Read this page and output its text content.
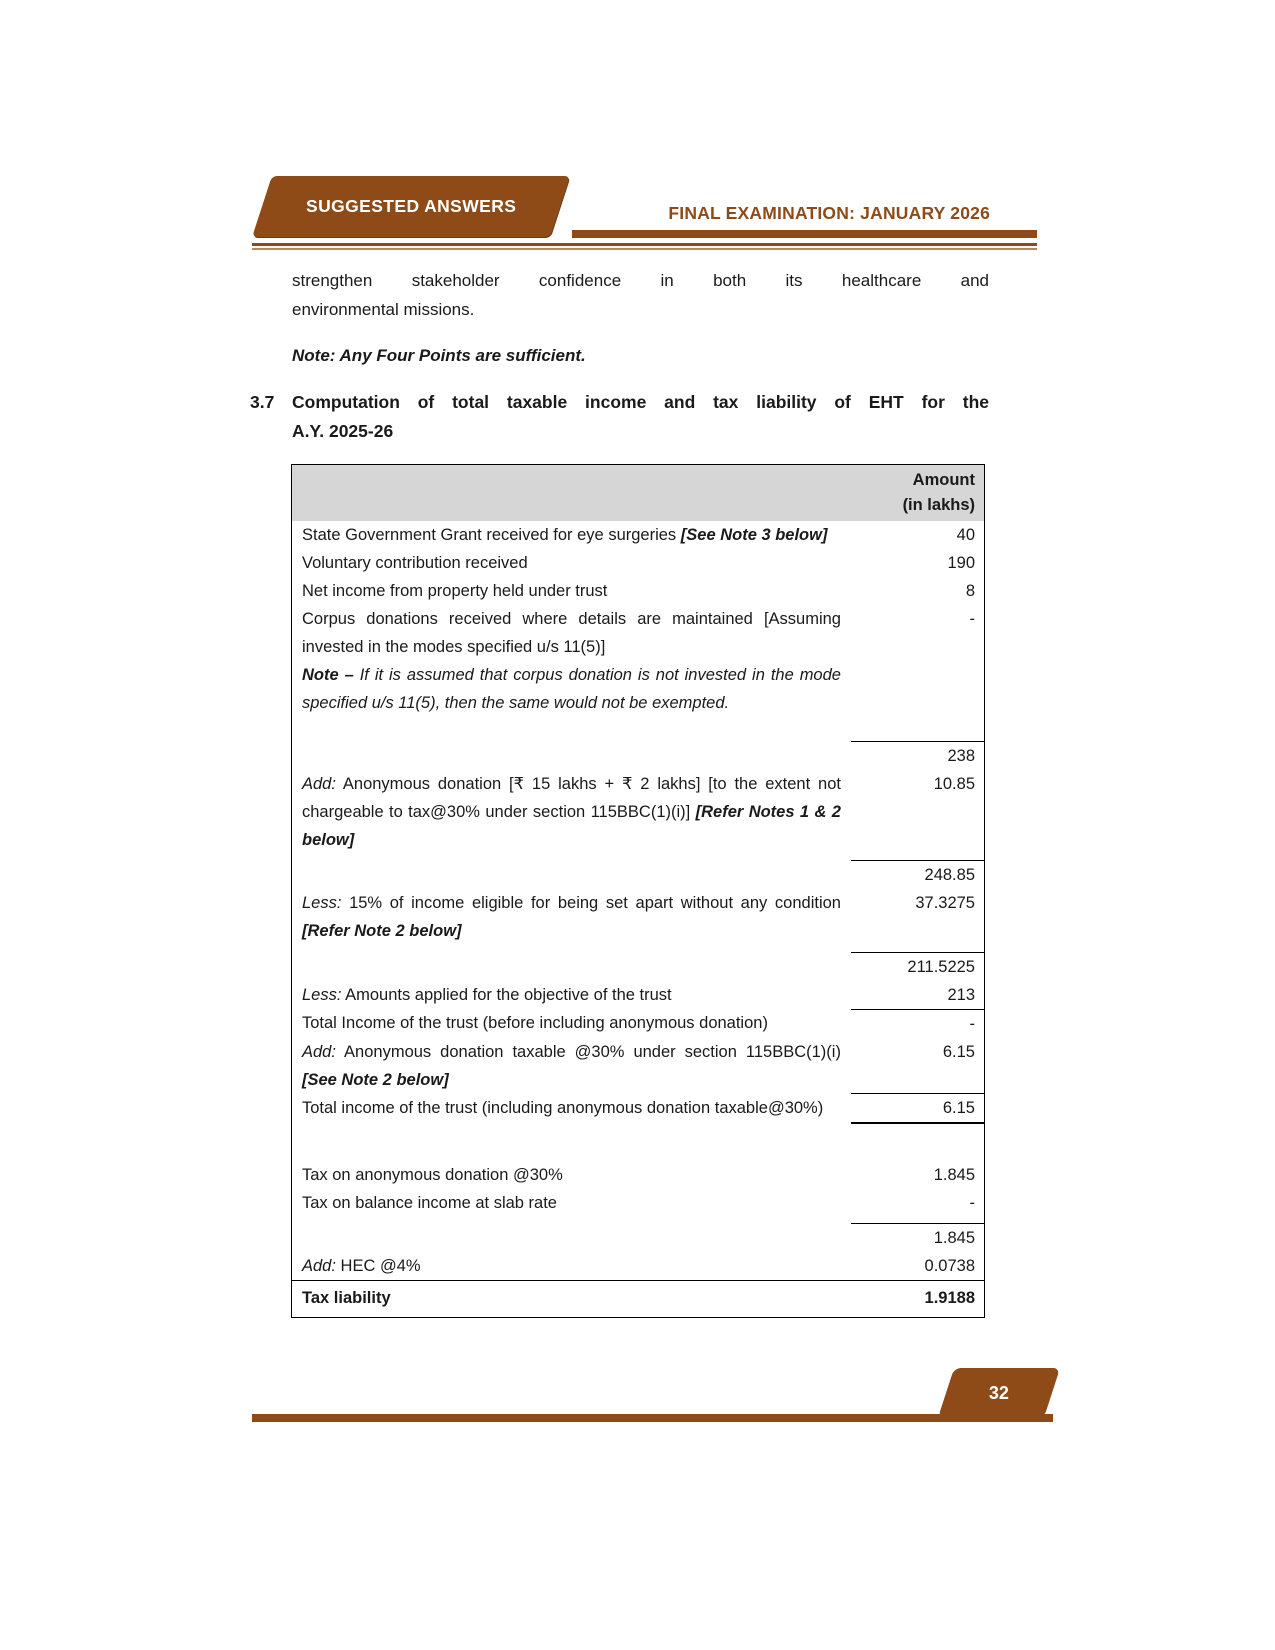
SUGGESTED ANSWERS	FINAL EXAMINATION: JANUARY 2026

strengthen stakeholder confidence in both its healthcare and

environmental missions.

Note: Any Four Points are sufficient.

3.7	Computation of total taxable income and tax liability of EHT for the
A.Y. 2025-26

	Amount
(in lakhs)

State Government Grant received for eye surgeries [See Note 3 below]	40
Voluntary contribution received	190
Net income from property held under trust	8
Corpus donations received where details are maintained [Assuming invested in the modes specified u/s 11(5)]	-
Note – If it is assumed that corpus donation is not invested in the mode specified u/s 11(5), then the same would not be exempted.	
	238
Add: Anonymous donation [₹ 15 lakhs + ₹ 2 lakhs] [to the extent not chargeable to tax@30% under section 115BBC(1)(i)] [Refer Notes 1 & 2 below]	10.85
	248.85
Less: 15% of income eligible for being set apart without any condition [Refer Note 2 below]	37.3275
	211.5225
Less: Amounts applied for the objective of the trust	213
Total Income of the trust (before including anonymous donation)	-
Add: Anonymous donation taxable @30% under section 115BBC(1)(i) [See Note 2 below]	6.15
Total income of the trust (including anonymous donation taxable@30%)	6.15

Tax on anonymous donation @30%	1.845
Tax on balance income at slab rate	-
	1.845
Add: HEC @4%	0.0738
Tax liability	1.9188
32
